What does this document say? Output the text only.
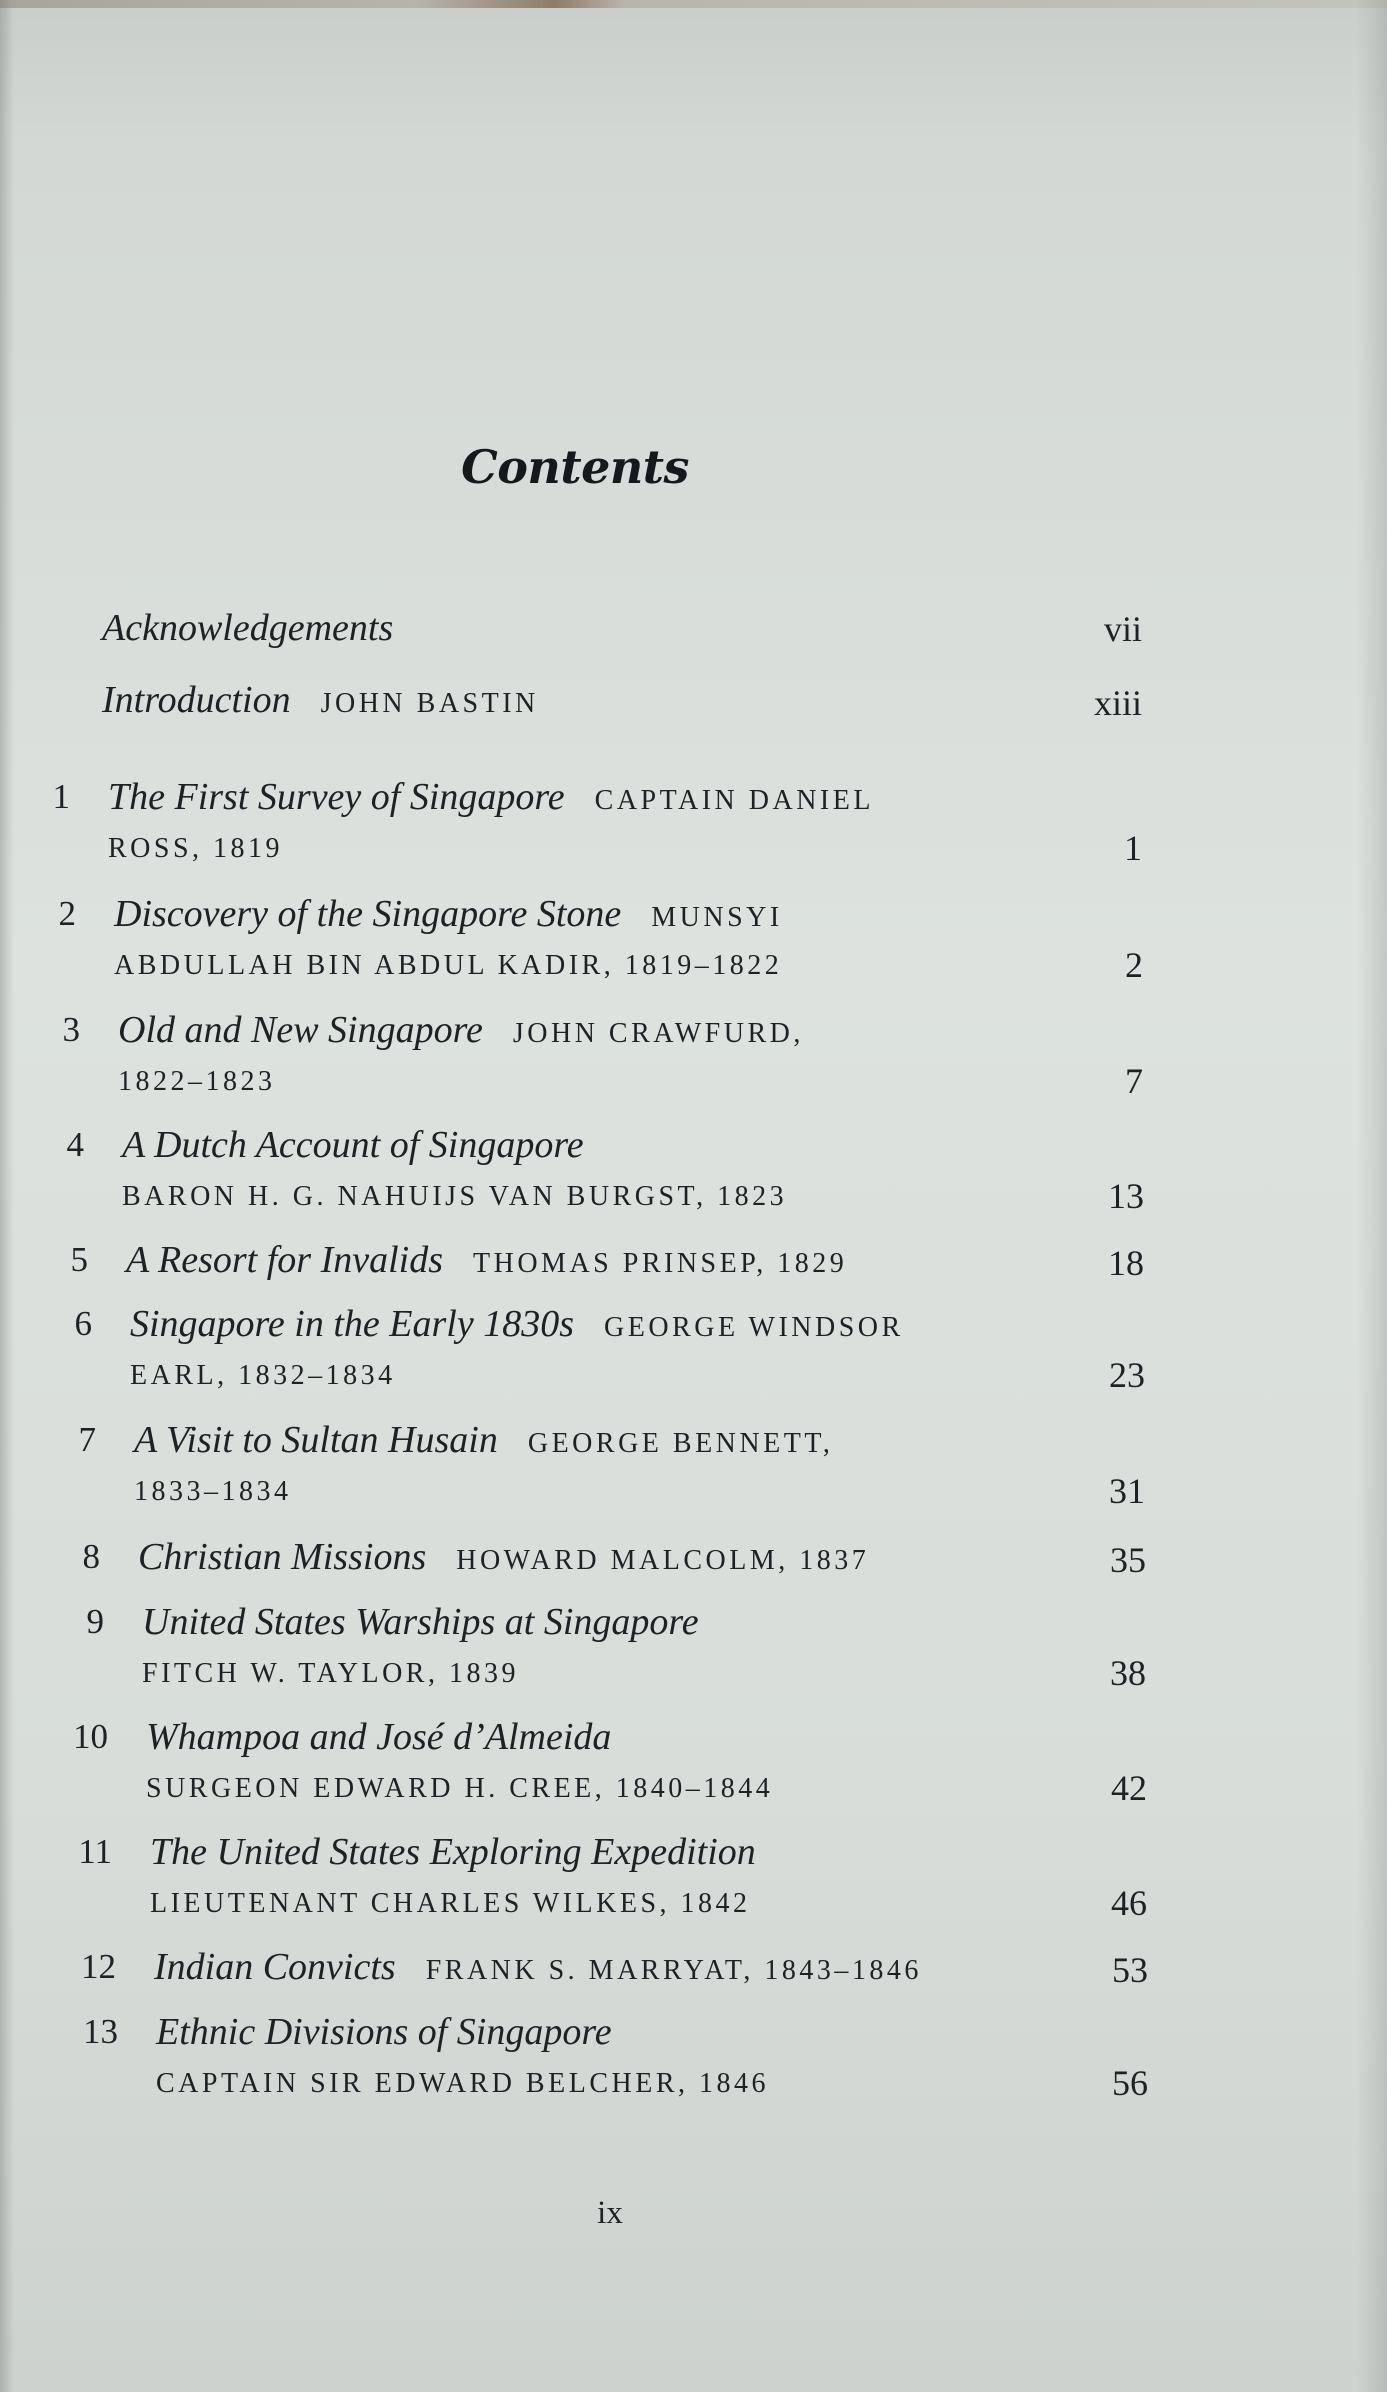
Contents
Acknowledgements	vii
Introduction JOHN BASTIN	xiii
1 The First Survey of Singapore CAPTAIN DANIEL
ROSS, 1819	1
2 Discovery of the Singapore Stone MUNSYI
ABDULLAH BIN ABDUL KADIR, 1819–1822	2
3 Old and New Singapore JOHN CRAWFURD,
1822–1823	7
4 A Dutch Account of Singapore
BARON H. G. NAHUIJS VAN BURGST, 1823	13
5 A Resort for Invalids THOMAS PRINSEP, 1829	18
6 Singapore in the Early 1830s GEORGE WINDSOR
EARL, 1832–1834	23
7 A Visit to Sultan Husain GEORGE BENNETT,
1833–1834	31
8 Christian Missions HOWARD MALCOLM, 1837	35
9 United States Warships at Singapore
FITCH W. TAYLOR, 1839	38
10 Whampoa and José d’Almeida
SURGEON EDWARD H. CREE, 1840–1844	42
11 The United States Exploring Expedition
LIEUTENANT CHARLES WILKES, 1842	46
12 Indian Convicts FRANK S. MARRYAT, 1843–1846	53
13 Ethnic Divisions of Singapore
CAPTAIN SIR EDWARD BELCHER, 1846	56
ix
